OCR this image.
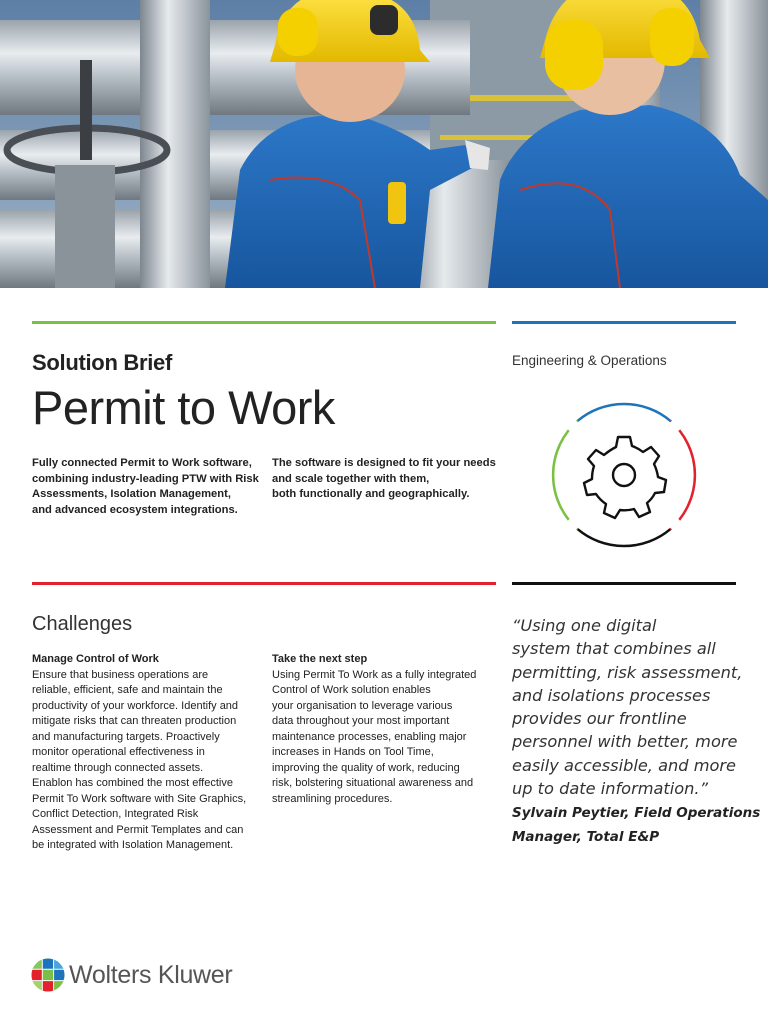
Solution Brief
Permit to Work
Engineering & Operations
Fully connected Permit to Work software,
combining industry-leading PTW with Risk
Assessments, Isolation Management,
and advanced ecosystem integrations.
The software is designed to fit your needs
and scale together with them,
both functionally and geographically.
Challenges
Manage Control of Work
Ensure that business operations are
reliable, efficient, safe and maintain the
productivity of your workforce. Identify and
mitigate risks that can threaten production
and manufacturing targets. Proactively
monitor operational effectiveness in
realtime through connected assets.
Enablon has combined the most effective
Permit To Work software with Site Graphics,
Conflict Detection, Integrated Risk
Assessment and Permit Templates and can
be integrated with Isolation Management.
Take the next step
Using Permit To Work as a fully integrated
Control of Work solution enables
your organisation to leverage various
data throughout your most important
maintenance processes, enabling major
increases in Hands on Tool Time,
improving the quality of work, reducing
risk, bolstering situational awareness and
streamlining procedures.
“Using one digital
system that combines all
permitting, risk assessment,
and isolations processes
provides our frontline
personnel with better, more
easily accessible, and more
up to date information.”
Sylvain Peytier, Field Operations
Manager, Total E&P
Wolters Kluwer
